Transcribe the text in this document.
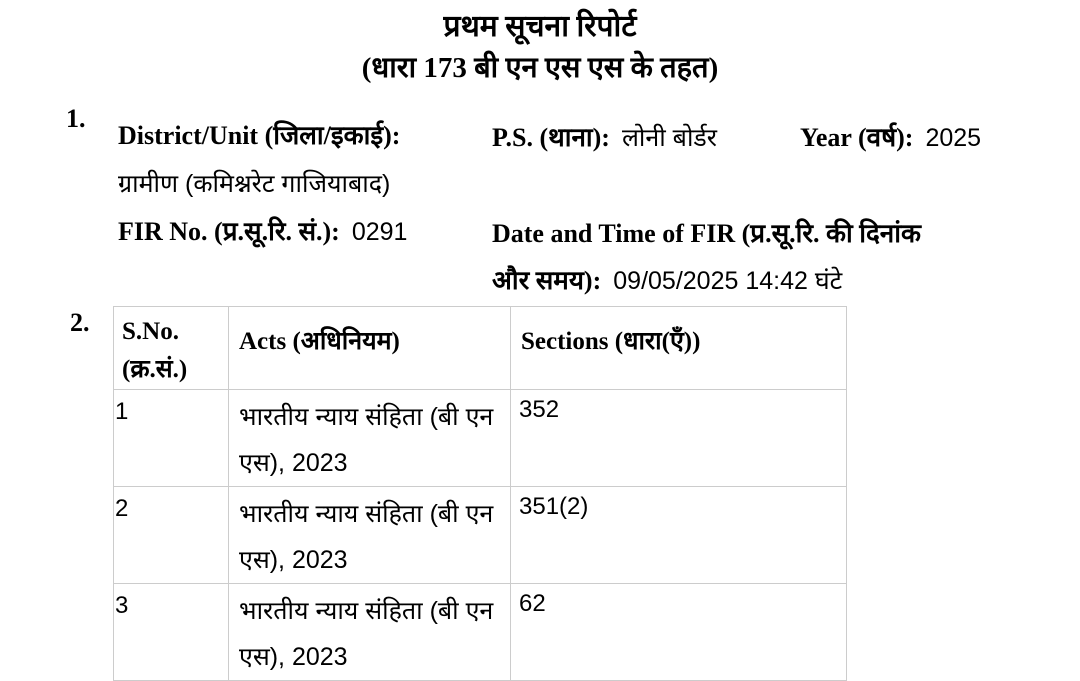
प्रथम सूचना रिपोर्ट
(धारा 173 बी एन एस एस के तहत)
1.
District/Unit (जिला/इकाई):
ग्रामीण (कमिश्नरेट गाजियाबाद)
P.S. (थाना): लोनी बोर्डर	Year (वर्ष): 2025
FIR No. (प्र.सू.रि. सं.): 0291	Date and Time of FIR (प्र.सू.रि. की दिनांक और समय): 09/05/2025 14:42 घंटे
2. S.No. (क्र.सं.)	Acts (अधिनियम)	Sections (धारा(एँ))
1	भारतीय न्याय संहिता (बी एन एस), 2023	352
2	भारतीय न्याय संहिता (बी एन एस), 2023	351(2)
3	भारतीय न्याय संहिता (बी एन एस), 2023	62
